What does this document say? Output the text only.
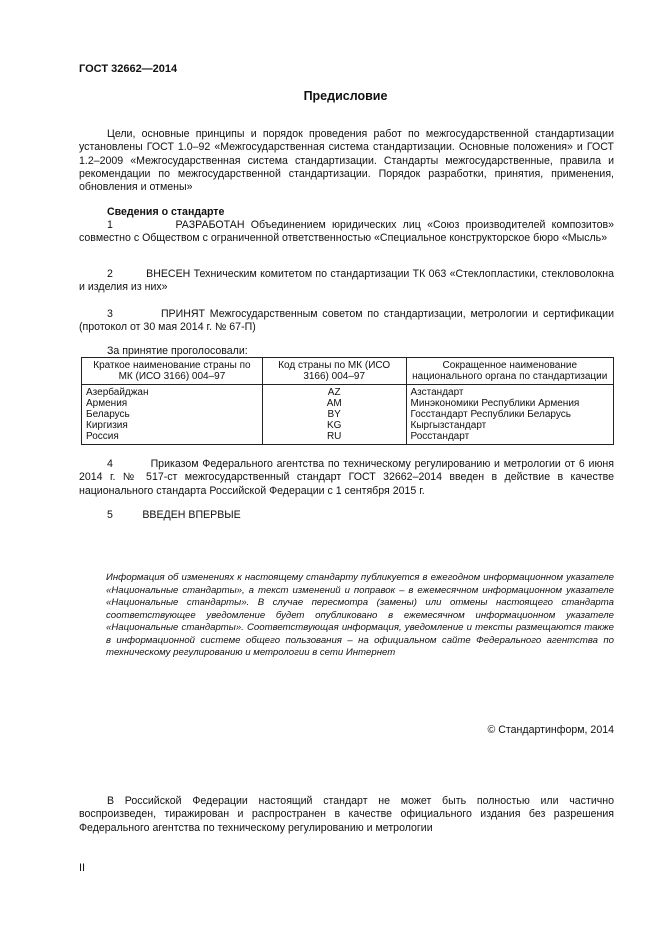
ГОСТ 32662—2014
Предисловие

Цели, основные принципы и порядок проведения работ по межгосударственной стандартизации установлены ГОСТ 1.0–92 «Межгосударственная система стандартизации. Основные положения» и ГОСТ 1.2–2009 «Межгосударственная система стандартизации. Стандарты межгосударственные, правила и рекомендации по межгосударственной стандартизации. Порядок разработки, принятия, применения, обновления и отмены»

Сведения о стандарте

1	РАЗРАБОТАН Объединением юридических лиц «Союз производителей композитов» совместно с Обществом с ограниченной ответственностью «Специальное конструкторское бюро «Мысль»

2	ВНЕСЕН Техническим комитетом по стандартизации ТК 063 «Стеклопластики, стекловолокна и изделия из них»

3	ПРИНЯТ Межгосударственным советом по стандартизации, метрологии и сертификации (протокол от 30 мая 2014 г. № 67-П)

За принятие проголосовали:
Краткое наименование страны по МК (ИСО 3166) 004–97	Код страны по МК (ИСО 3166) 004–97	Сокращенное наименование национального органа по стандартизации
Азербайджан	AZ	Азстандарт
Армения	AM	Минэкономики Республики Армения
Беларусь	BY	Госстандарт Республики Беларусь
Киргизия	KG	Кыргызстандарт
Россия	RU	Росстандарт

4	Приказом Федерального агентства по техническому регулированию и метрологии от 6 июня 2014 г. № 517-ст межгосударственный стандарт ГОСТ 32662–2014 введен в действие в качестве национального стандарта Российской Федерации с 1 сентября 2015 г.

5	ВВЕДЕН ВПЕРВЫЕ

Информация об изменениях к настоящему стандарту публикуется в ежегодном информационном указателе «Национальные стандарты», а текст изменений и поправок – в ежемесячном информационном указателе «Национальные стандарты». В случае пересмотра (замены) или отмены настоящего стандарта соответствующее уведомление будет опубликовано в ежемесячном информационном указателе «Национальные стандарты». Соответствующая информация, уведомление и тексты размещаются также в информационной системе общего пользования – на официальном сайте Федерального агентства по техническому регулированию и метрологии в сети Интернет
© Стандартинформ, 2014
В Российской Федерации настоящий стандарт не может быть полностью или частично воспроизведен, тиражирован и распространен в качестве официального издания без разрешения Федерального агентства по техническому регулированию и метрологии
II
